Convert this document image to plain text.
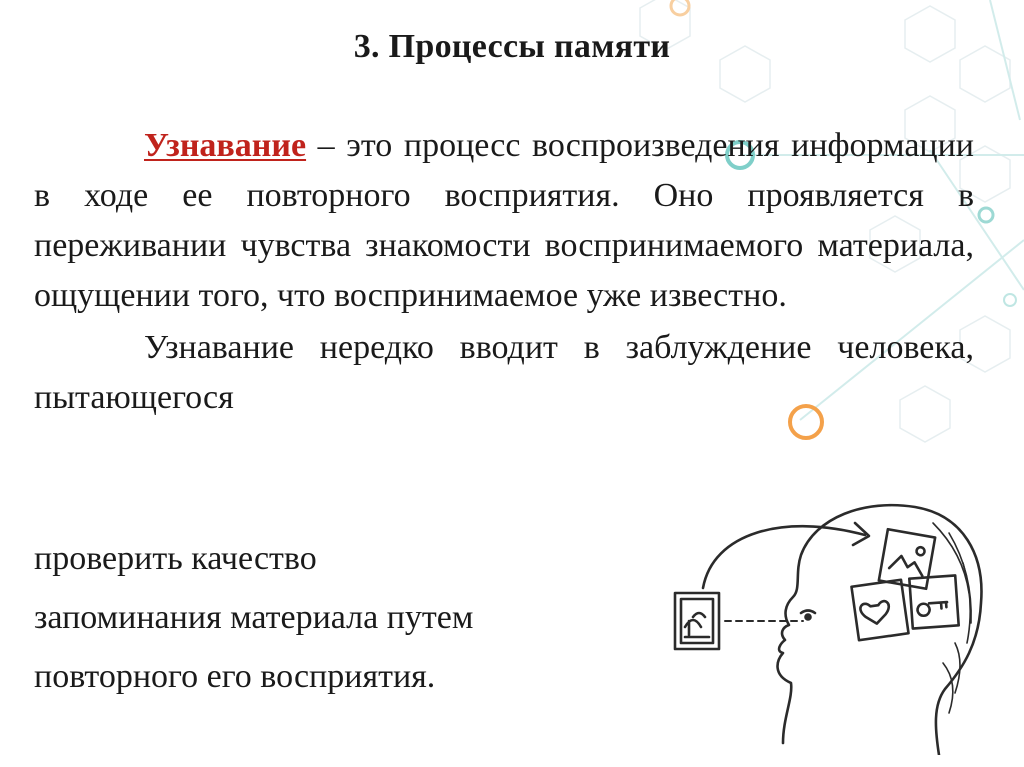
3. Процессы памяти

Узнавание – это процесс воспроизведения информации в ходе ее повторного восприятия. Оно проявляется в переживании чувства знакомости воспринимаемого материала, ощущении того, что воспринимаемое уже известно.

Узнавание нередко вводит в заблуждение человека, пытающегося

проверить качество
запоминания материала путем
повторного его восприятия.
